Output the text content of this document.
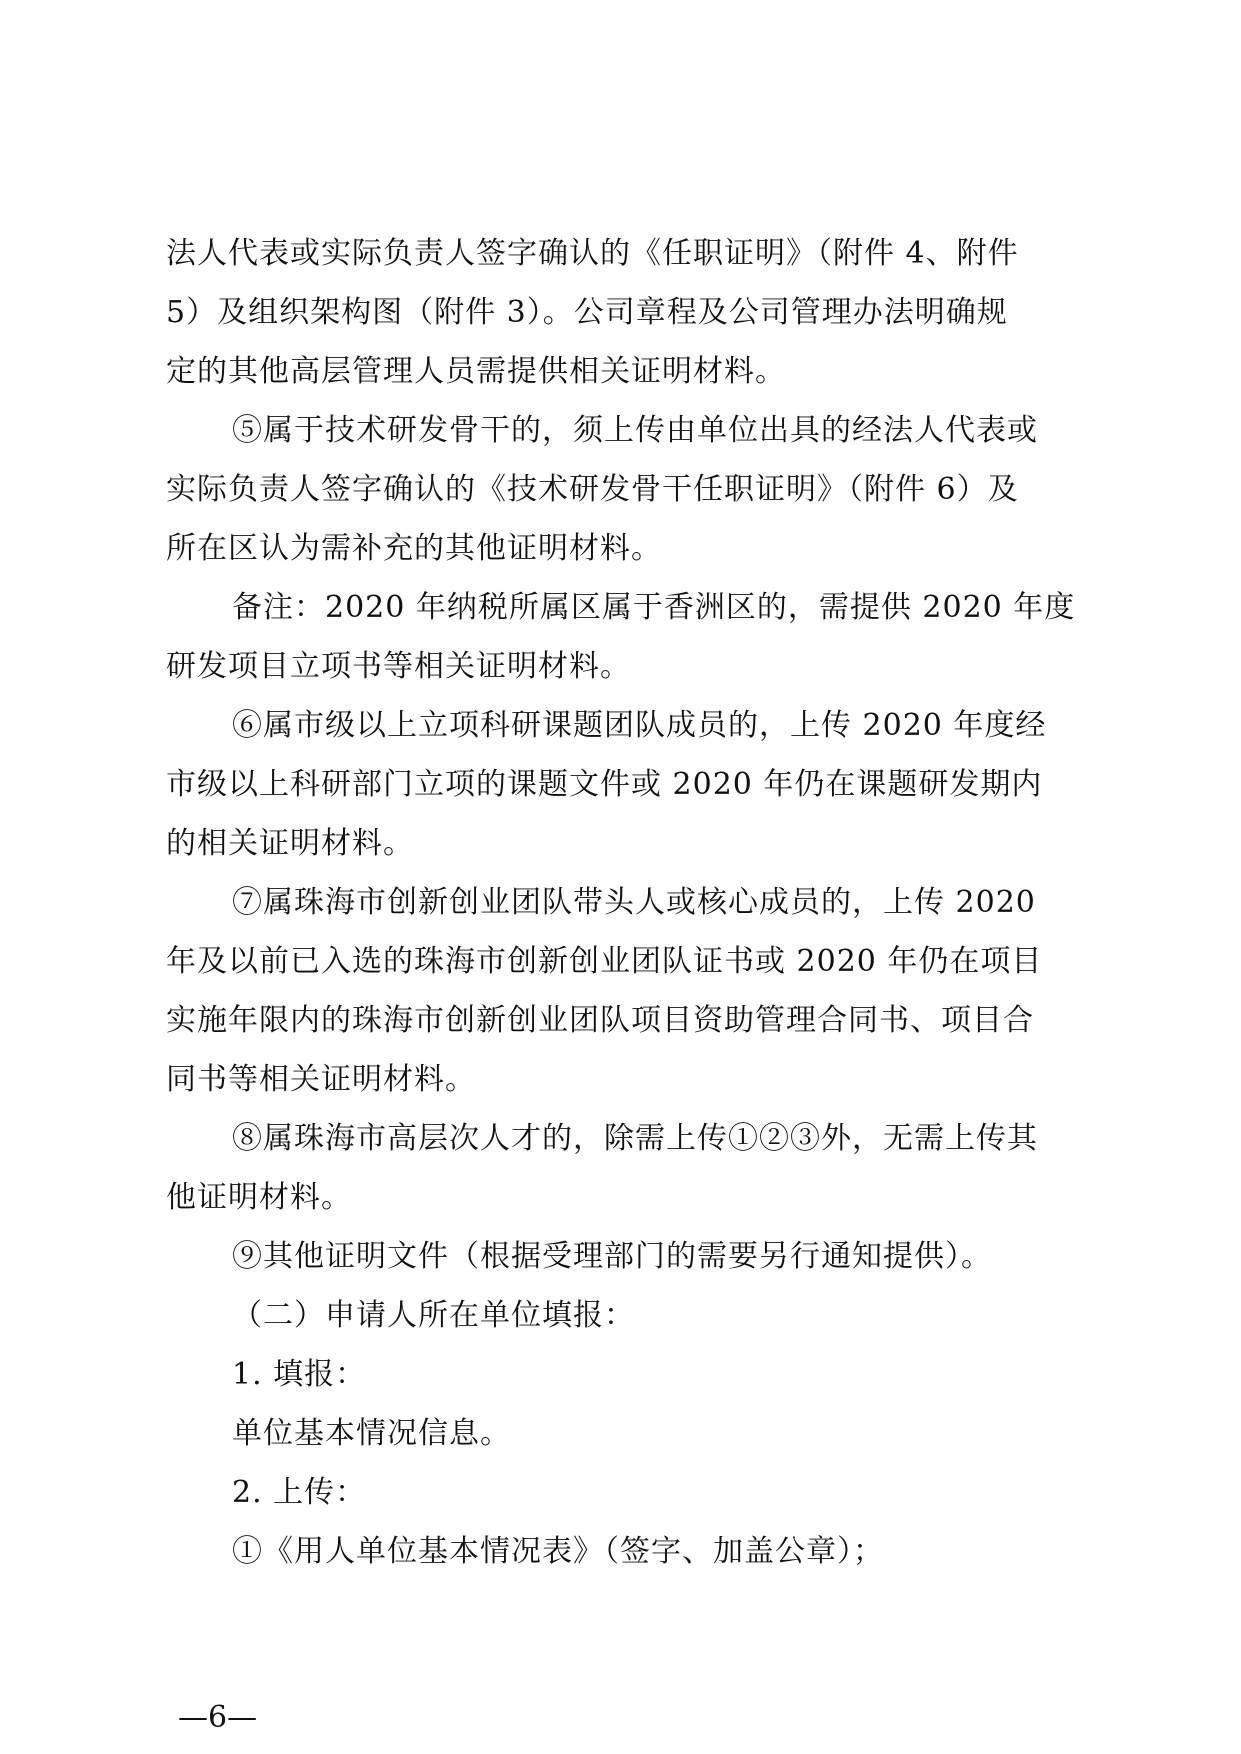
法人代表或实际负责人签字确认的《任职证明》（附件 4、附件
5）及组织架构图（附件 3）。公司章程及公司管理办法明确规
定的其他高层管理人员需提供相关证明材料。

⑤属于技术研发骨干的，须上传由单位出具的经法人代表或
实际负责人签字确认的《技术研发骨干任职证明》（附件 6）及
所在区认为需补充的其他证明材料。

备注：2020 年纳税所属区属于香洲区的，需提供 2020 年度
研发项目立项书等相关证明材料。

⑥属市级以上立项科研课题团队成员的，上传 2020 年度经
市级以上科研部门立项的课题文件或 2020 年仍在课题研发期内
的相关证明材料。

⑦属珠海市创新创业团队带头人或核心成员的，上传 2020
年及以前已入选的珠海市创新创业团队证书或 2020 年仍在项目
实施年限内的珠海市创新创业团队项目资助管理合同书、项目合
同书等相关证明材料。

⑧属珠海市高层次人才的，除需上传①②③外，无需上传其
他证明材料。

⑨其他证明文件（根据受理部门的需要另行通知提供）。

（二）申请人所在单位填报：

1. 填报：

单位基本情况信息。

2. 上传：

①《用人单位基本情况表》（签字、加盖公章）；

—6—
